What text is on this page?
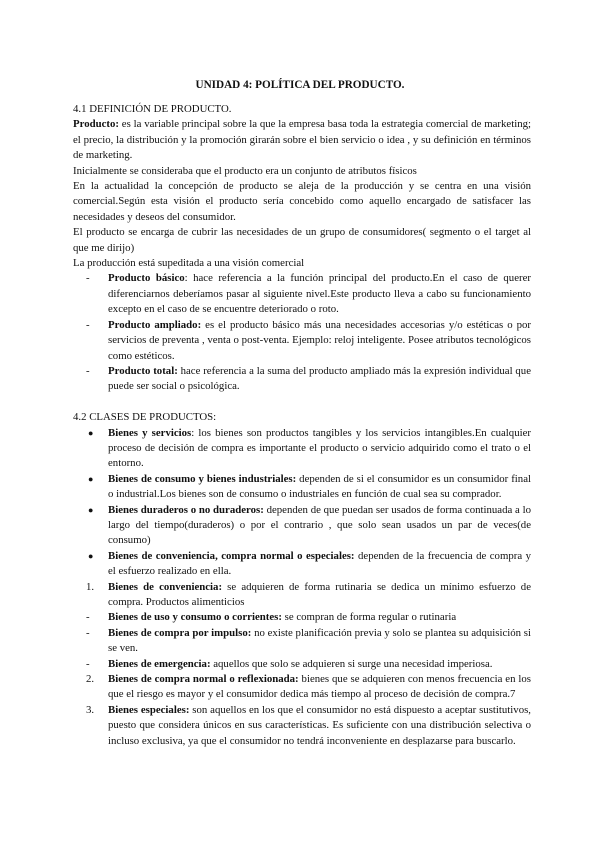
UNIDAD 4: POLÍTICA DEL PRODUCTO.

4.1 DEFINICIÓN DE PRODUCTO.

Producto: es la variable principal sobre la que la empresa basa toda la estrategia comercial de marketing; el precio, la distribución y la promoción girarán sobre el bien servicio o idea , y su definición en términos de marketing.

Inicialmente se consideraba que el producto era un conjunto de atributos físicos

En la actualidad la concepción de producto se aleja de la producción y se centra en una visión comercial.Según esta visión el producto sería concebido como aquello encargado de satisfacer las necesidades y deseos del consumidor.

El producto se encarga de cubrir las necesidades de un grupo de consumidores( segmento o el target al que me dirijo)

La producción está supeditada a una visión comercial

-	Producto básico: hace referencia a la función principal del producto.En el caso de querer diferenciarnos deberíamos pasar al siguiente nivel.Este producto lleva a cabo su funcionamiento excepto en el caso de se encuentre deteriorado o roto.
-	Producto ampliado: es el producto básico más una necesidades accesorias y/o estéticas o por servicios de preventa , venta o post-venta. Ejemplo: reloj inteligente. Posee atributos tecnológicos como estéticos.
-	Producto total: hace referencia a la suma del producto ampliado más la expresión individual que puede ser social o psicológica.

4.2 CLASES DE PRODUCTOS:

●	Bienes y servicios: los bienes son productos tangibles y los servicios intangibles.En cualquier proceso de decisión de compra es importante el producto o servicio adquirido como el trato o el entorno.
●	Bienes de consumo y bienes industriales: dependen de si el consumidor es un consumidor final o industrial.Los bienes son de consumo o industriales en función de cual sea su comprador.
●	Bienes duraderos o no duraderos: dependen de que puedan ser usados de forma continuada a lo largo del tiempo(duraderos) o por el contrario , que solo sean usados un par de veces(de consumo)
●	Bienes de conveniencia, compra normal o especiales: dependen de la frecuencia de compra y el esfuerzo realizado en ella.
1.	Bienes de conveniencia: se adquieren de forma rutinaria se dedica un mínimo esfuerzo de compra. Productos alimenticios
-	Bienes de uso y consumo o corrientes: se compran de forma regular o rutinaria
-	Bienes de compra por impulso: no existe planificación previa y solo se plantea su adquisición si se ven.
-	Bienes de emergencia: aquellos que solo se adquieren si surge una necesidad imperiosa.
2.	Bienes de compra normal o reflexionada: bienes que se adquieren con menos frecuencia en los que el riesgo es mayor y el consumidor dedica más tiempo al proceso de decisión de compra.7
3.	Bienes especiales: son aquellos en los que el consumidor no está dispuesto a aceptar sustitutivos, puesto que considera únicos en sus características. Es suficiente con una distribución selectiva o incluso exclusiva, ya que el consumidor no tendrá inconveniente en desplazarse para buscarlo.
